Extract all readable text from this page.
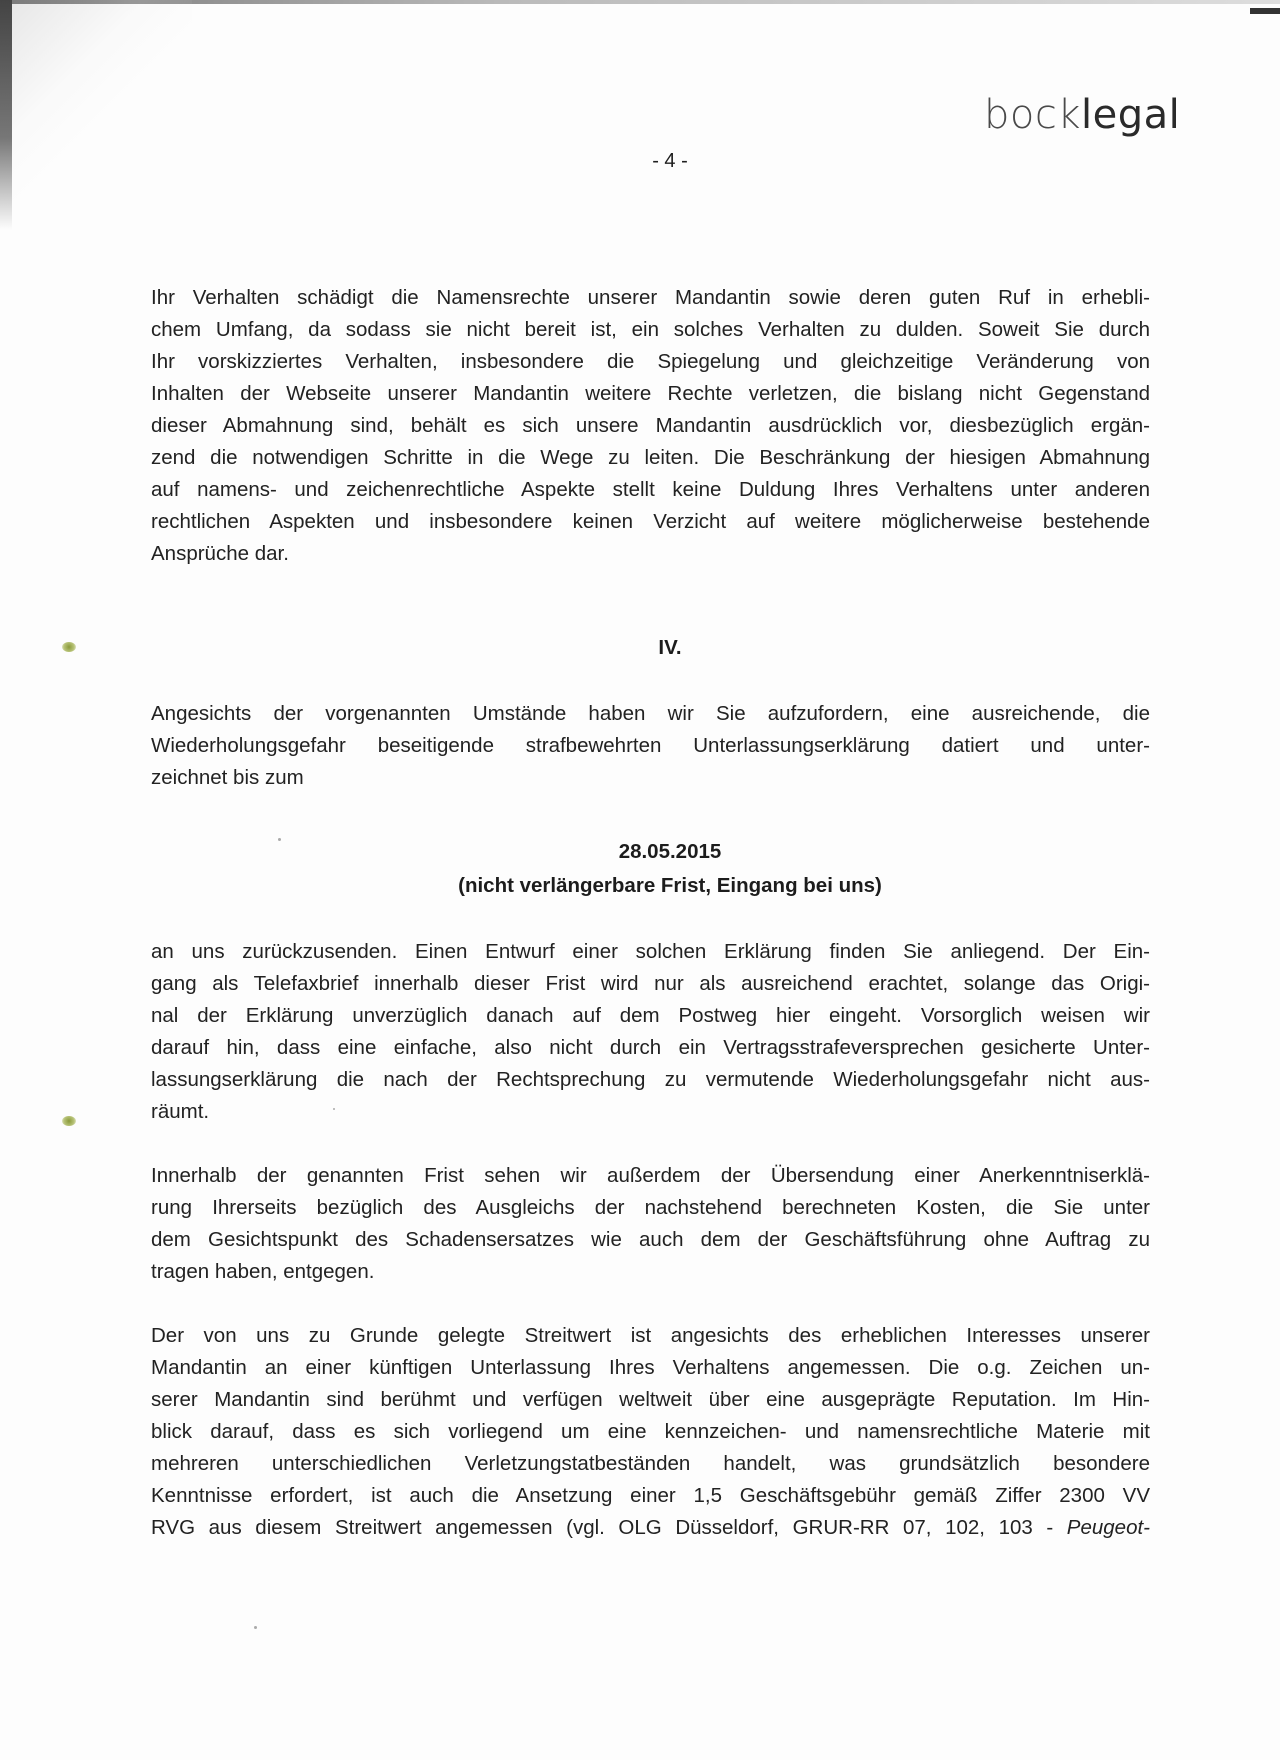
bocklegal
- 4 -
Ihr Verhalten schädigt die Namensrechte unserer Mandantin sowie deren guten Ruf in erhebli-
chem Umfang, da sodass sie nicht bereit ist, ein solches Verhalten zu dulden. Soweit Sie durch
Ihr vorskizziertes Verhalten, insbesondere die Spiegelung und gleichzeitige Veränderung von
Inhalten der Webseite unserer Mandantin weitere Rechte verletzen, die bislang nicht Gegenstand
dieser Abmahnung sind, behält es sich unsere Mandantin ausdrücklich vor, diesbezüglich ergän-
zend die notwendigen Schritte in die Wege zu leiten. Die Beschränkung der hiesigen Abmahnung
auf namens- und zeichenrechtliche Aspekte stellt keine Duldung Ihres Verhaltens unter anderen
rechtlichen Aspekten und insbesondere keinen Verzicht auf weitere möglicherweise bestehende
Ansprüche dar.
IV.
Angesichts der vorgenannten Umstände haben wir Sie aufzufordern, eine ausreichende, die
Wiederholungsgefahr beseitigende strafbewehrten Unterlassungserklärung datiert und unter-
zeichnet bis zum
28.05.2015
(nicht verlängerbare Frist, Eingang bei uns)
an uns zurückzusenden. Einen Entwurf einer solchen Erklärung finden Sie anliegend. Der Ein-
gang als Telefaxbrief innerhalb dieser Frist wird nur als ausreichend erachtet, solange das Origi-
nal der Erklärung unverzüglich danach auf dem Postweg hier eingeht. Vorsorglich weisen wir
darauf hin, dass eine einfache, also nicht durch ein Vertragsstrafeversprechen gesicherte Unter-
lassungserklärung die nach der Rechtsprechung zu vermutende Wiederholungsgefahr nicht aus-
räumt.
Innerhalb der genannten Frist sehen wir außerdem der Übersendung einer Anerkenntniserklä-
rung Ihrerseits bezüglich des Ausgleichs der nachstehend berechneten Kosten, die Sie unter
dem Gesichtspunkt des Schadensersatzes wie auch dem der Geschäftsführung ohne Auftrag zu
tragen haben, entgegen.
Der von uns zu Grunde gelegte Streitwert ist angesichts des erheblichen Interesses unserer
Mandantin an einer künftigen Unterlassung Ihres Verhaltens angemessen. Die o.g. Zeichen un-
serer Mandantin sind berühmt und verfügen weltweit über eine ausgeprägte Reputation. Im Hin-
blick darauf, dass es sich vorliegend um eine kennzeichen- und namensrechtliche Materie mit
mehreren unterschiedlichen Verletzungstatbeständen handelt, was grundsätzlich besondere
Kenntnisse erfordert, ist auch die Ansetzung einer 1,5 Geschäftsgebühr gemäß Ziffer 2300 VV
RVG aus diesem Streitwert angemessen (vgl. OLG Düsseldorf, GRUR-RR 07, 102, 103 - Peugeot-
